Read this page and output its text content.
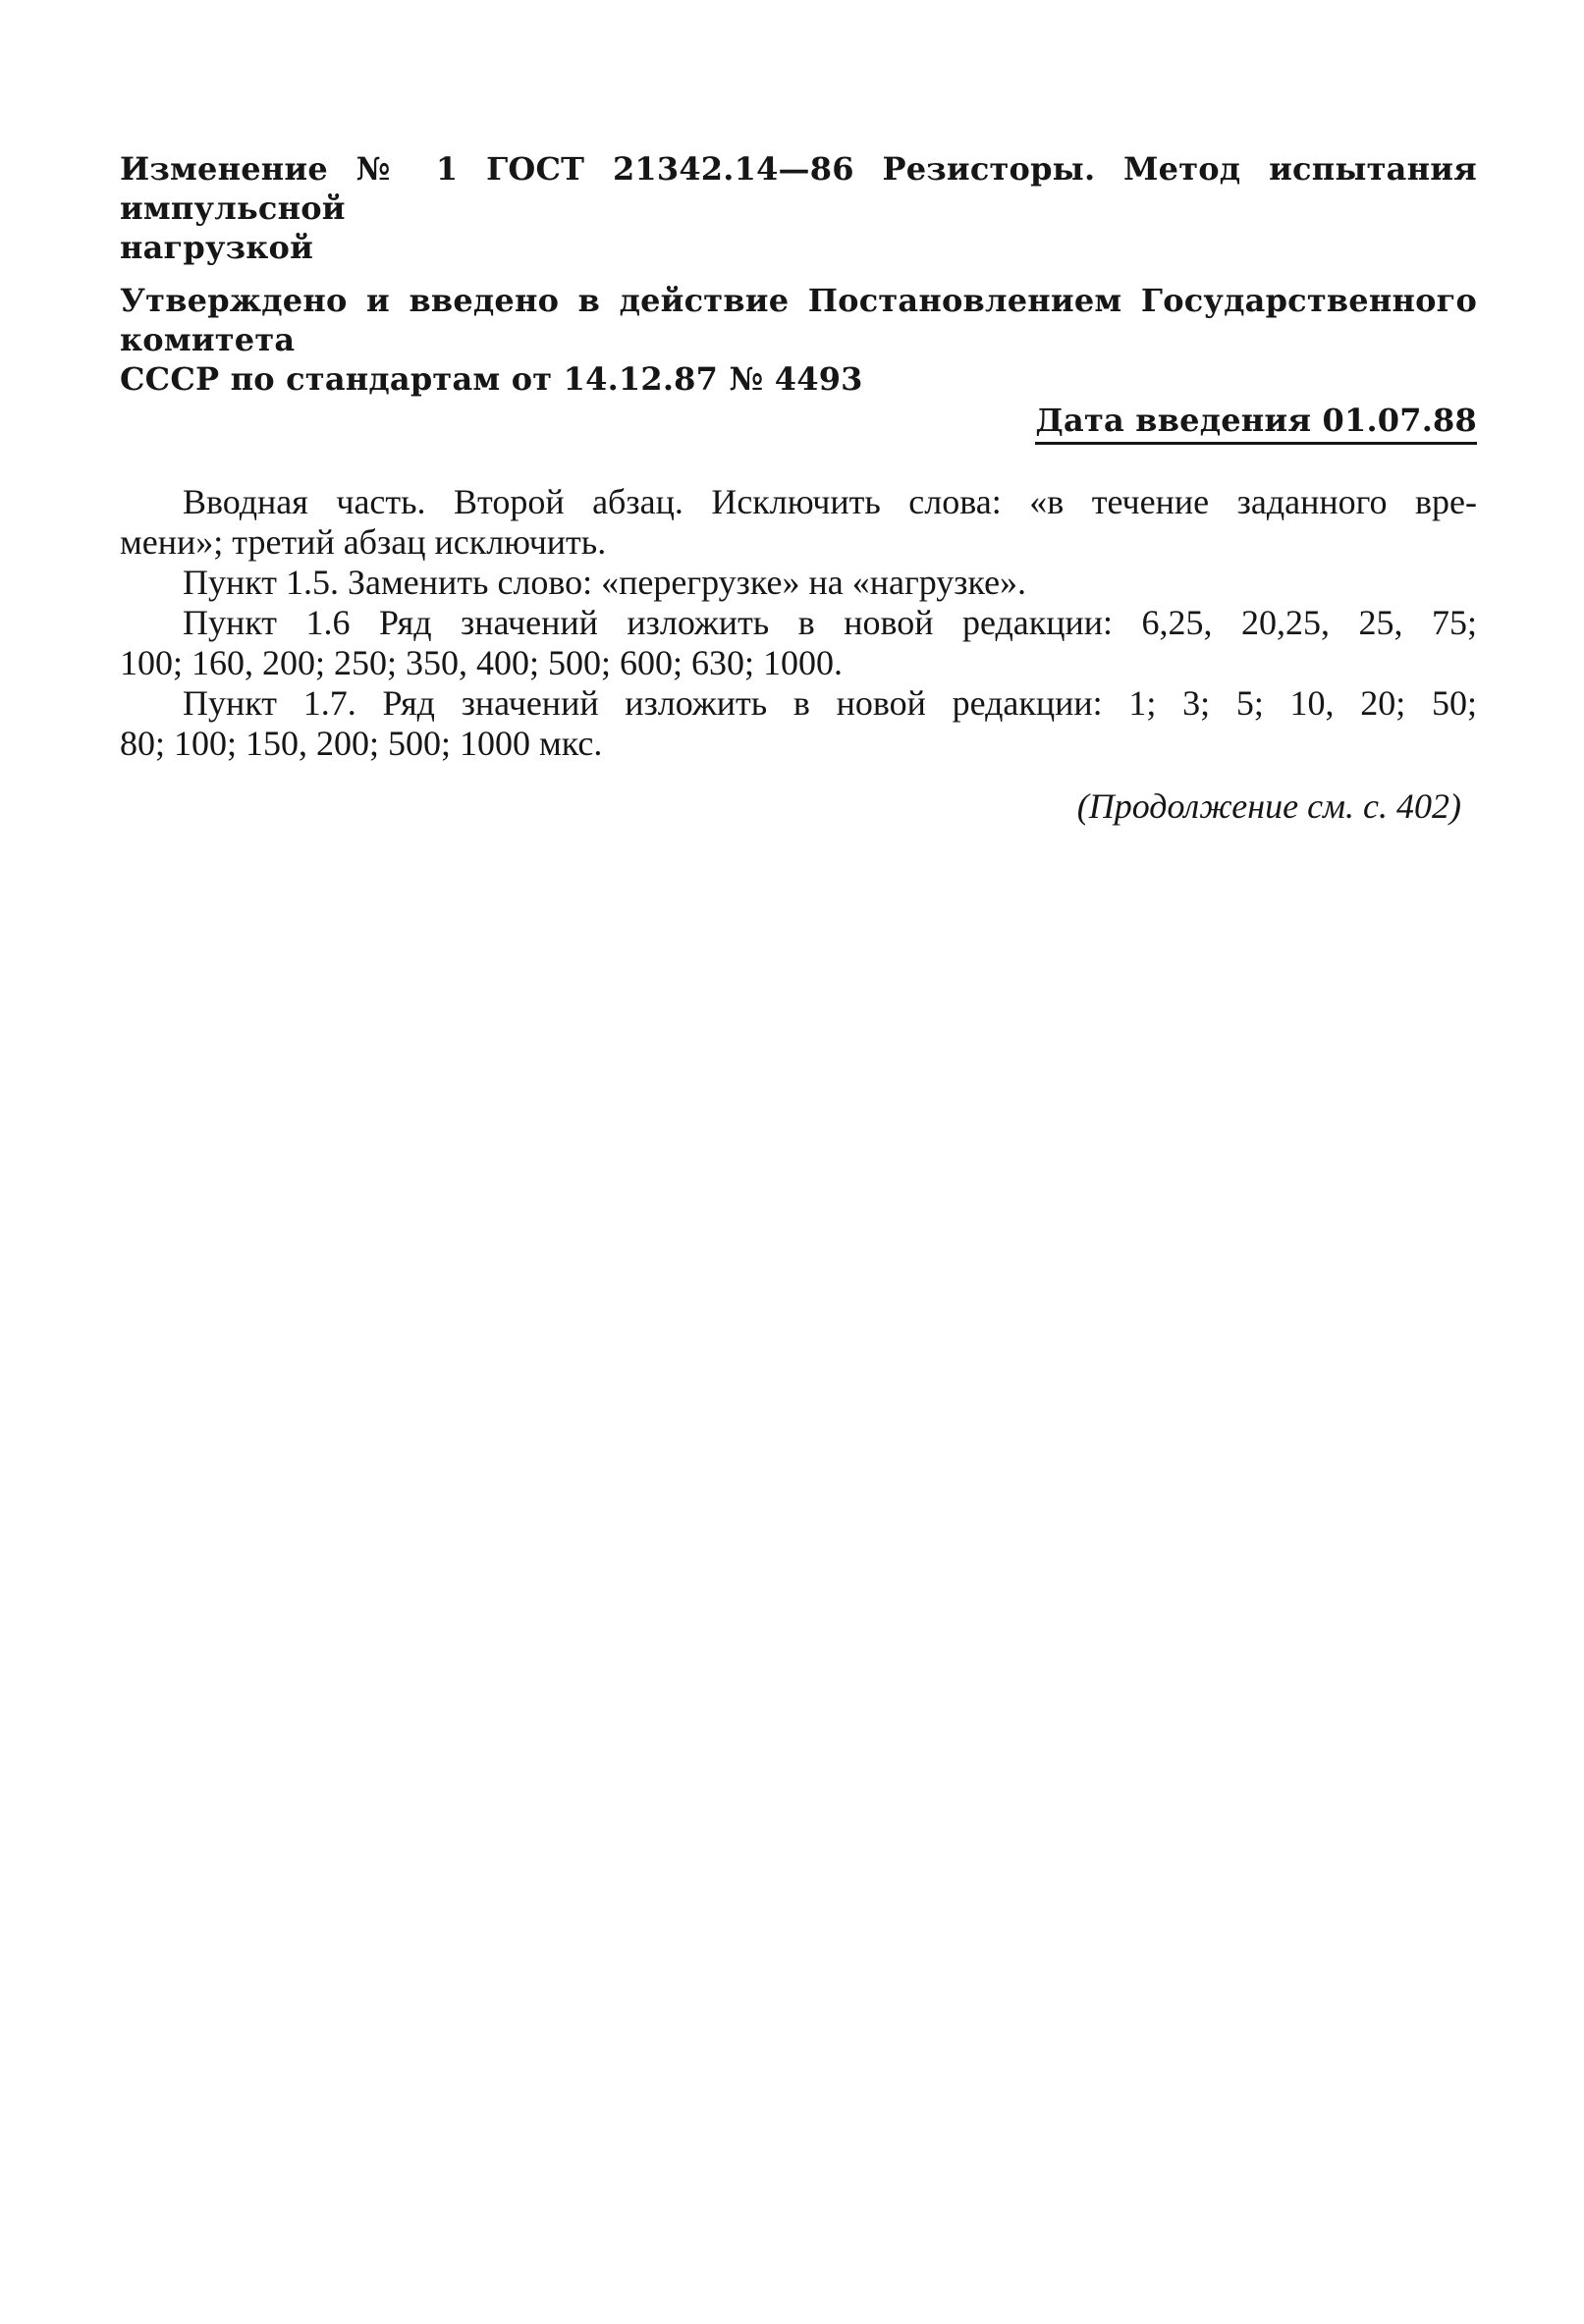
Изменение № 1 ГОСТ 21342.14—86 Резисторы. Метод испытания импульсной
нагрузкой
Утверждено и введено в действие Постановлением Государственного комитета
СССР по стандартам от 14.12.87 № 4493
Дата введения 01.07.88

Вводная часть. Второй абзац. Исключить слова: «в течение заданного вре-
мени»; третий абзац исключить.

Пункт 1.5. Заменить слово: «перегрузке» на «нагрузке».

Пункт 1.6 Ряд значений изложить в новой редакции: 6,25, 20,25, 25, 75;
100; 160, 200; 250; 350, 400; 500; 600; 630; 1000.

Пункт 1.7. Ряд значений изложить в новой редакции: 1; 3; 5; 10, 20; 50;
80; 100; 150, 200; 500; 1000 мкс.

(Продолжение см. с. 402)
